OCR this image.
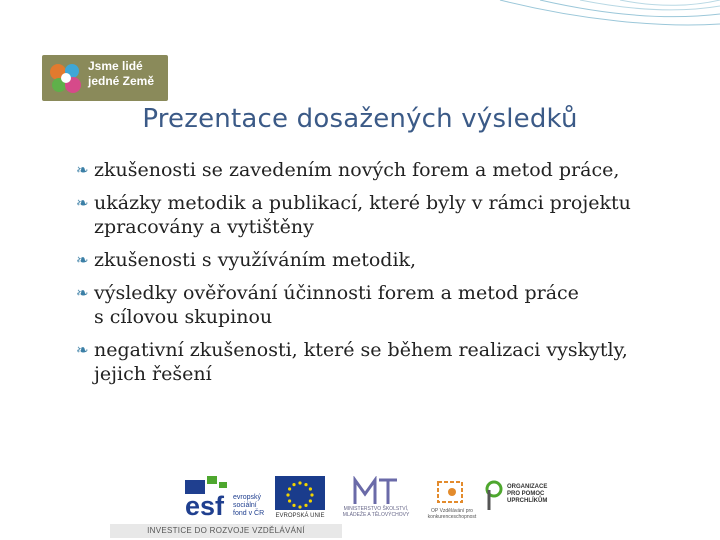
Jsme lidé
jedné Země
Prezentace dosažených výsledků
❧ zkušenosti se zavedením nových forem a metod práce,
❧ ukázky metodik a publikací, které byly v rámci projektu
zpracovány a vytištěny
❧ zkušenosti s využíváním metodik,
❧ výsledky ověřování účinnosti forem a metod práce
s cílovou skupinou
❧ negativní zkušenosti, které se během realizaci vyskytly,
jejich řešení
esf evropský
sociální
fond v ČR	EVROPSKÁ UNIE
MINISTERSTVO ŠKOLSTVÍ, MLÁDEŽE A TĚLOVÝCHOVY
OP Vzdělávání pro konkurenceschopnost
ORGANIZACE
PRO POMOC
UPRCHLÍKŮM
INVESTICE DO ROZVOJE VZDĚLÁVÁNÍ
